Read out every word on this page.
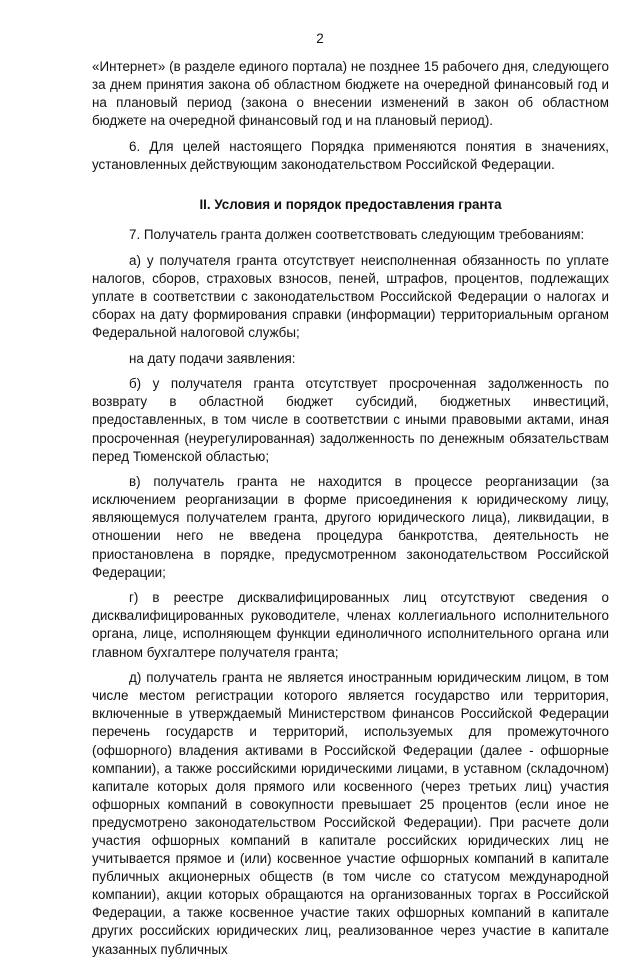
2

«Интернет» (в разделе единого портала) не позднее 15 рабочего дня, следующего за днем принятия закона об областном бюджете на очередной финансовый год и на плановый период (закона о внесении изменений в закон об областном бюджете на очередной финансовый год и на плановый период).

6. Для целей настоящего Порядка применяются понятия в значениях, установленных действующим законодательством Российской Федерации.

II. Условия и порядок предоставления гранта

7. Получатель гранта должен соответствовать следующим требованиям:

а) у получателя гранта отсутствует неисполненная обязанность по уплате налогов, сборов, страховых взносов, пеней, штрафов, процентов, подлежащих уплате в соответствии с законодательством Российской Федерации о налогах и сборах на дату формирования справки (информации) территориальным органом Федеральной налоговой службы;

на дату подачи заявления:

б) у получателя гранта отсутствует просроченная задолженность по возврату в областной бюджет субсидий, бюджетных инвестиций, предоставленных, в том числе в соответствии с иными правовыми актами, иная просроченная (неурегулированная) задолженность по денежным обязательствам перед Тюменской областью;

в) получатель гранта не находится в процессе реорганизации (за исключением реорганизации в форме присоединения к юридическому лицу, являющемуся получателем гранта, другого юридического лица), ликвидации, в отношении него не введена процедура банкротства, деятельность не приостановлена в порядке, предусмотренном законодательством Российской Федерации;

г) в реестре дисквалифицированных лиц отсутствуют сведения о дисквалифицированных руководителе, членах коллегиального исполнительного органа, лице, исполняющем функции единоличного исполнительного органа или главном бухгалтере получателя гранта;

д) получатель гранта не является иностранным юридическим лицом, в том числе местом регистрации которого является государство или территория, включенные в утверждаемый Министерством финансов Российской Федерации перечень государств и территорий, используемых для промежуточного (офшорного) владения активами в Российской Федерации (далее - офшорные компании), а также российскими юридическими лицами, в уставном (складочном) капитале которых доля прямого или косвенного (через третьих лиц) участия офшорных компаний в совокупности превышает 25 процентов (если иное не предусмотрено законодательством Российской Федерации). При расчете доли участия офшорных компаний в капитале российских юридических лиц не учитывается прямое и (или) косвенное участие офшорных компаний в капитале публичных акционерных обществ (в том числе со статусом международной компании), акции которых обращаются на организованных торгах в Российской Федерации, а также косвенное участие таких офшорных компаний в капитале других российских юридических лиц, реализованное через участие в капитале указанных публичных
